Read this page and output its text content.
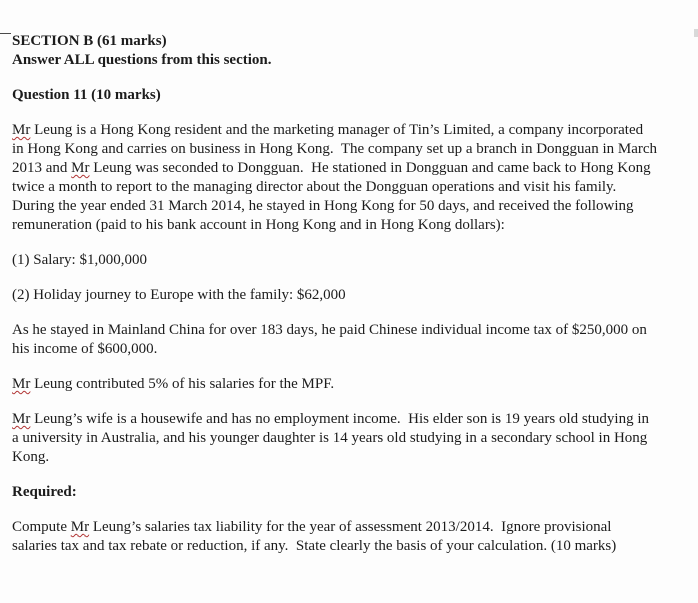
SECTION B (61 marks)
Answer ALL questions from this section.
Question 11 (10 marks)
Mr Leung is a Hong Kong resident and the marketing manager of Tin’s Limited, a company incorporated
in Hong Kong and carries on business in Hong Kong.  The company set up a branch in Dongguan in March
2013 and Mr Leung was seconded to Dongguan.  He stationed in Dongguan and came back to Hong Kong
twice a month to report to the managing director about the Dongguan operations and visit his family.
During the year ended 31 March 2014, he stayed in Hong Kong for 50 days, and received the following
remuneration (paid to his bank account in Hong Kong and in Hong Kong dollars):
(1) Salary: $1,000,000
(2) Holiday journey to Europe with the family: $62,000
As he stayed in Mainland China for over 183 days, he paid Chinese individual income tax of $250,000 on
his income of $600,000.
Mr Leung contributed 5% of his salaries for the MPF.
Mr Leung’s wife is a housewife and has no employment income.  His elder son is 19 years old studying in
a university in Australia, and his younger daughter is 14 years old studying in a secondary school in Hong
Kong.
Required:
Compute Mr Leung’s salaries tax liability for the year of assessment 2013/2014.  Ignore provisional
salaries tax and tax rebate or reduction, if any.  State clearly the basis of your calculation. (10 marks)
